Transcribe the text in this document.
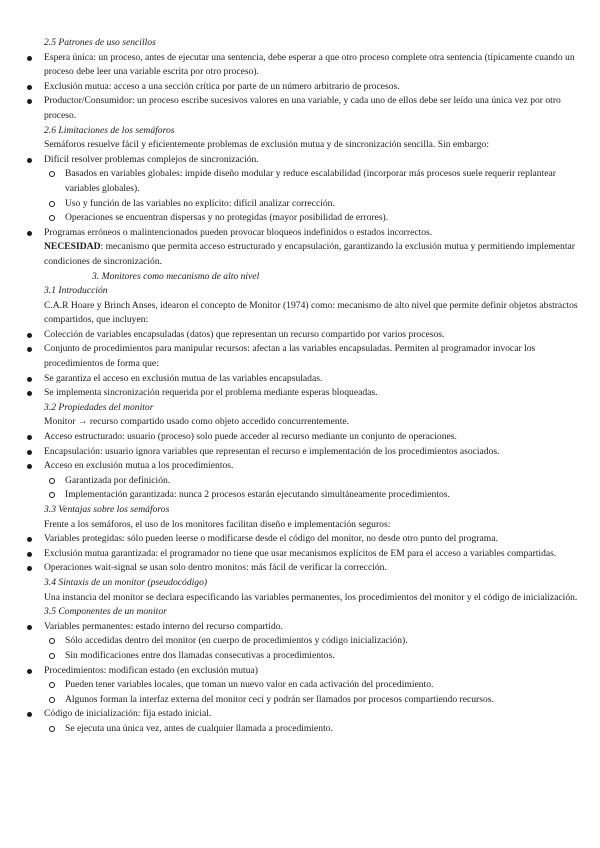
2.5 Patrones de uso sencillos

Espera única: un proceso, antes de ejecutar una sentencia, debe esperar a que otro proceso complete otra sentencia (típicamente cuando un proceso debe leer una variable escrita por otro proceso).
Exclusión mutua: acceso a una sección crítica por parte de un número arbitrario de procesos.
Productor/Consumidor: un proceso escribe sucesivos valores en una variable, y cada uno de ellos debe ser leído una única vez por otro proceso.

2.6 Limitaciones de los semáforos

Semáforos resuelve fácil y eficientemente problemas de exclusión mutua y de sincronización sencilla. Sin embargo:

Difícil resolver problemas complejos de sincronización.
Basados en variables globales: impide diseño modular y reduce escalabilidad (incorporar más procesos suele requerir replantear variables globales).
Uso y función de las variables no explícito: difícil analizar corrección.
Operaciones se encuentran dispersas y no protegidas (mayor posibilidad de errores).
Programas erróneos o malintencionados pueden provocar bloqueos indefinidos o estados incorrectos.

NECESIDAD: mecanismo que permita acceso estructurado y encapsulación, garantizando la exclusión mutua y permitiendo implementar condiciones de sincronización.

3. Monitores como mecanismo de alto nivel

3.1 Introducción

C.A.R Hoare y Brinch Anses, idearon el concepto de Monitor (1974) como: mecanismo de alto nivel que permite definir objetos abstractos compartidos, que incluyen:

Colección de variables encapsuladas (datos) que representan un recurso compartido por varios procesos.
Conjunto de procedimientos para manipular recursos: afectan a las variables encapsuladas. Permiten al programador invocar los procedimientos de forma que:
Se garantiza el acceso en exclusión mutua de las variables encapsuladas.
Se implementa sincronización requerida por el problema mediante esperas bloqueadas.

3.2 Propiedades del monitor

Monitor → recurso compartido usado como objeto accedido concurrentemente.

Acceso estructurado: usuario (proceso) solo puede acceder al recurso mediante un conjunto de operaciones.
Encapsulación: usuario ignora variables que representan el recurso e implementación de los procedimientos asociados.
Acceso en exclusión mutua a los procedimientos.
Garantizada por definición.
Implementación garantizada: nunca 2 procesos estarán ejecutando simultáneamente procedimientos.

3.3 Ventajas sobre los semáforos

Frente a los semáforos, el uso de los monitores facilitan diseño e implementación seguros:

Variables protegidas: sólo pueden leerse o modificarse desde el código del monitor, no desde otro punto del programa.
Exclusión mutua garantizada: el programador no tiene que usar mecanismos explícitos de EM para el acceso a variables compartidas.
Operaciones wait-signal se usan solo dentro monitos: más fácil de verificar la corrección.

3.4 Sintaxis de un monitor (pseudocódigo)

Una instancia del monitor se declara especificando las variables permanentes, los procedimientos del monitor y el código de inicialización.

3.5 Componentes de un monitor

Variables permanentes: estado interno del recurso compartido.
Sólo accedidas dentro del monitor (en cuerpo de procedimientos y código inicialización).
Sin modificaciones entre dos llamadas consecutivas a procedimientos.
Procedimientos: modifican estado (en exclusión mutua)
Pueden tener variables locales, que toman un nuevo valor en cada activación del procedimiento.
Algunos forman la interfaz externa del monitor ceci y podrán ser llamados por procesos compartiendo recursos.
Código de inicialización: fija estado inicial.
Se ejecuta una única vez, antes de cualquier llamada a procedimiento.
